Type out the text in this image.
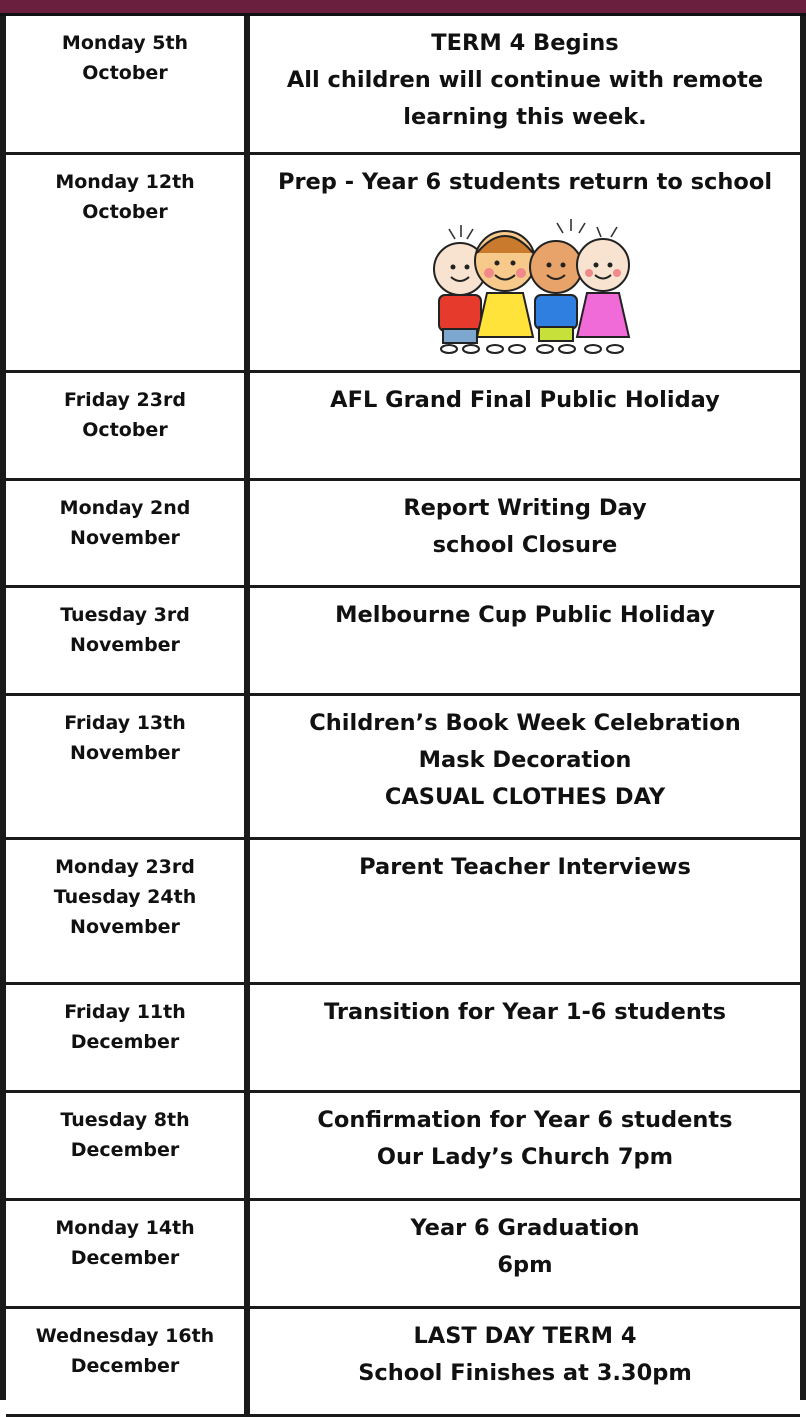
Monday 5th
October	TERM 4 Begins
All children will continue with remote
learning this week.

Monday 12th
October	Prep - Year 6 students return to school

Friday 23rd
October	AFL Grand Final Public Holiday

Monday 2nd
November	Report Writing Day
school Closure

Tuesday 3rd
November	Melbourne Cup Public Holiday

Friday 13th
November	Children’s Book Week Celebration
Mask Decoration
CASUAL CLOTHES DAY

Monday 23rd
Tuesday 24th
November	Parent Teacher Interviews

Friday 11th
December	Transition for Year 1-6 students

Tuesday 8th
December	Confirmation for Year 6 students
Our Lady’s Church 7pm

Monday 14th
December	Year 6 Graduation
6pm

Wednesday 16th
December	LAST DAY TERM 4
School Finishes at 3.30pm
